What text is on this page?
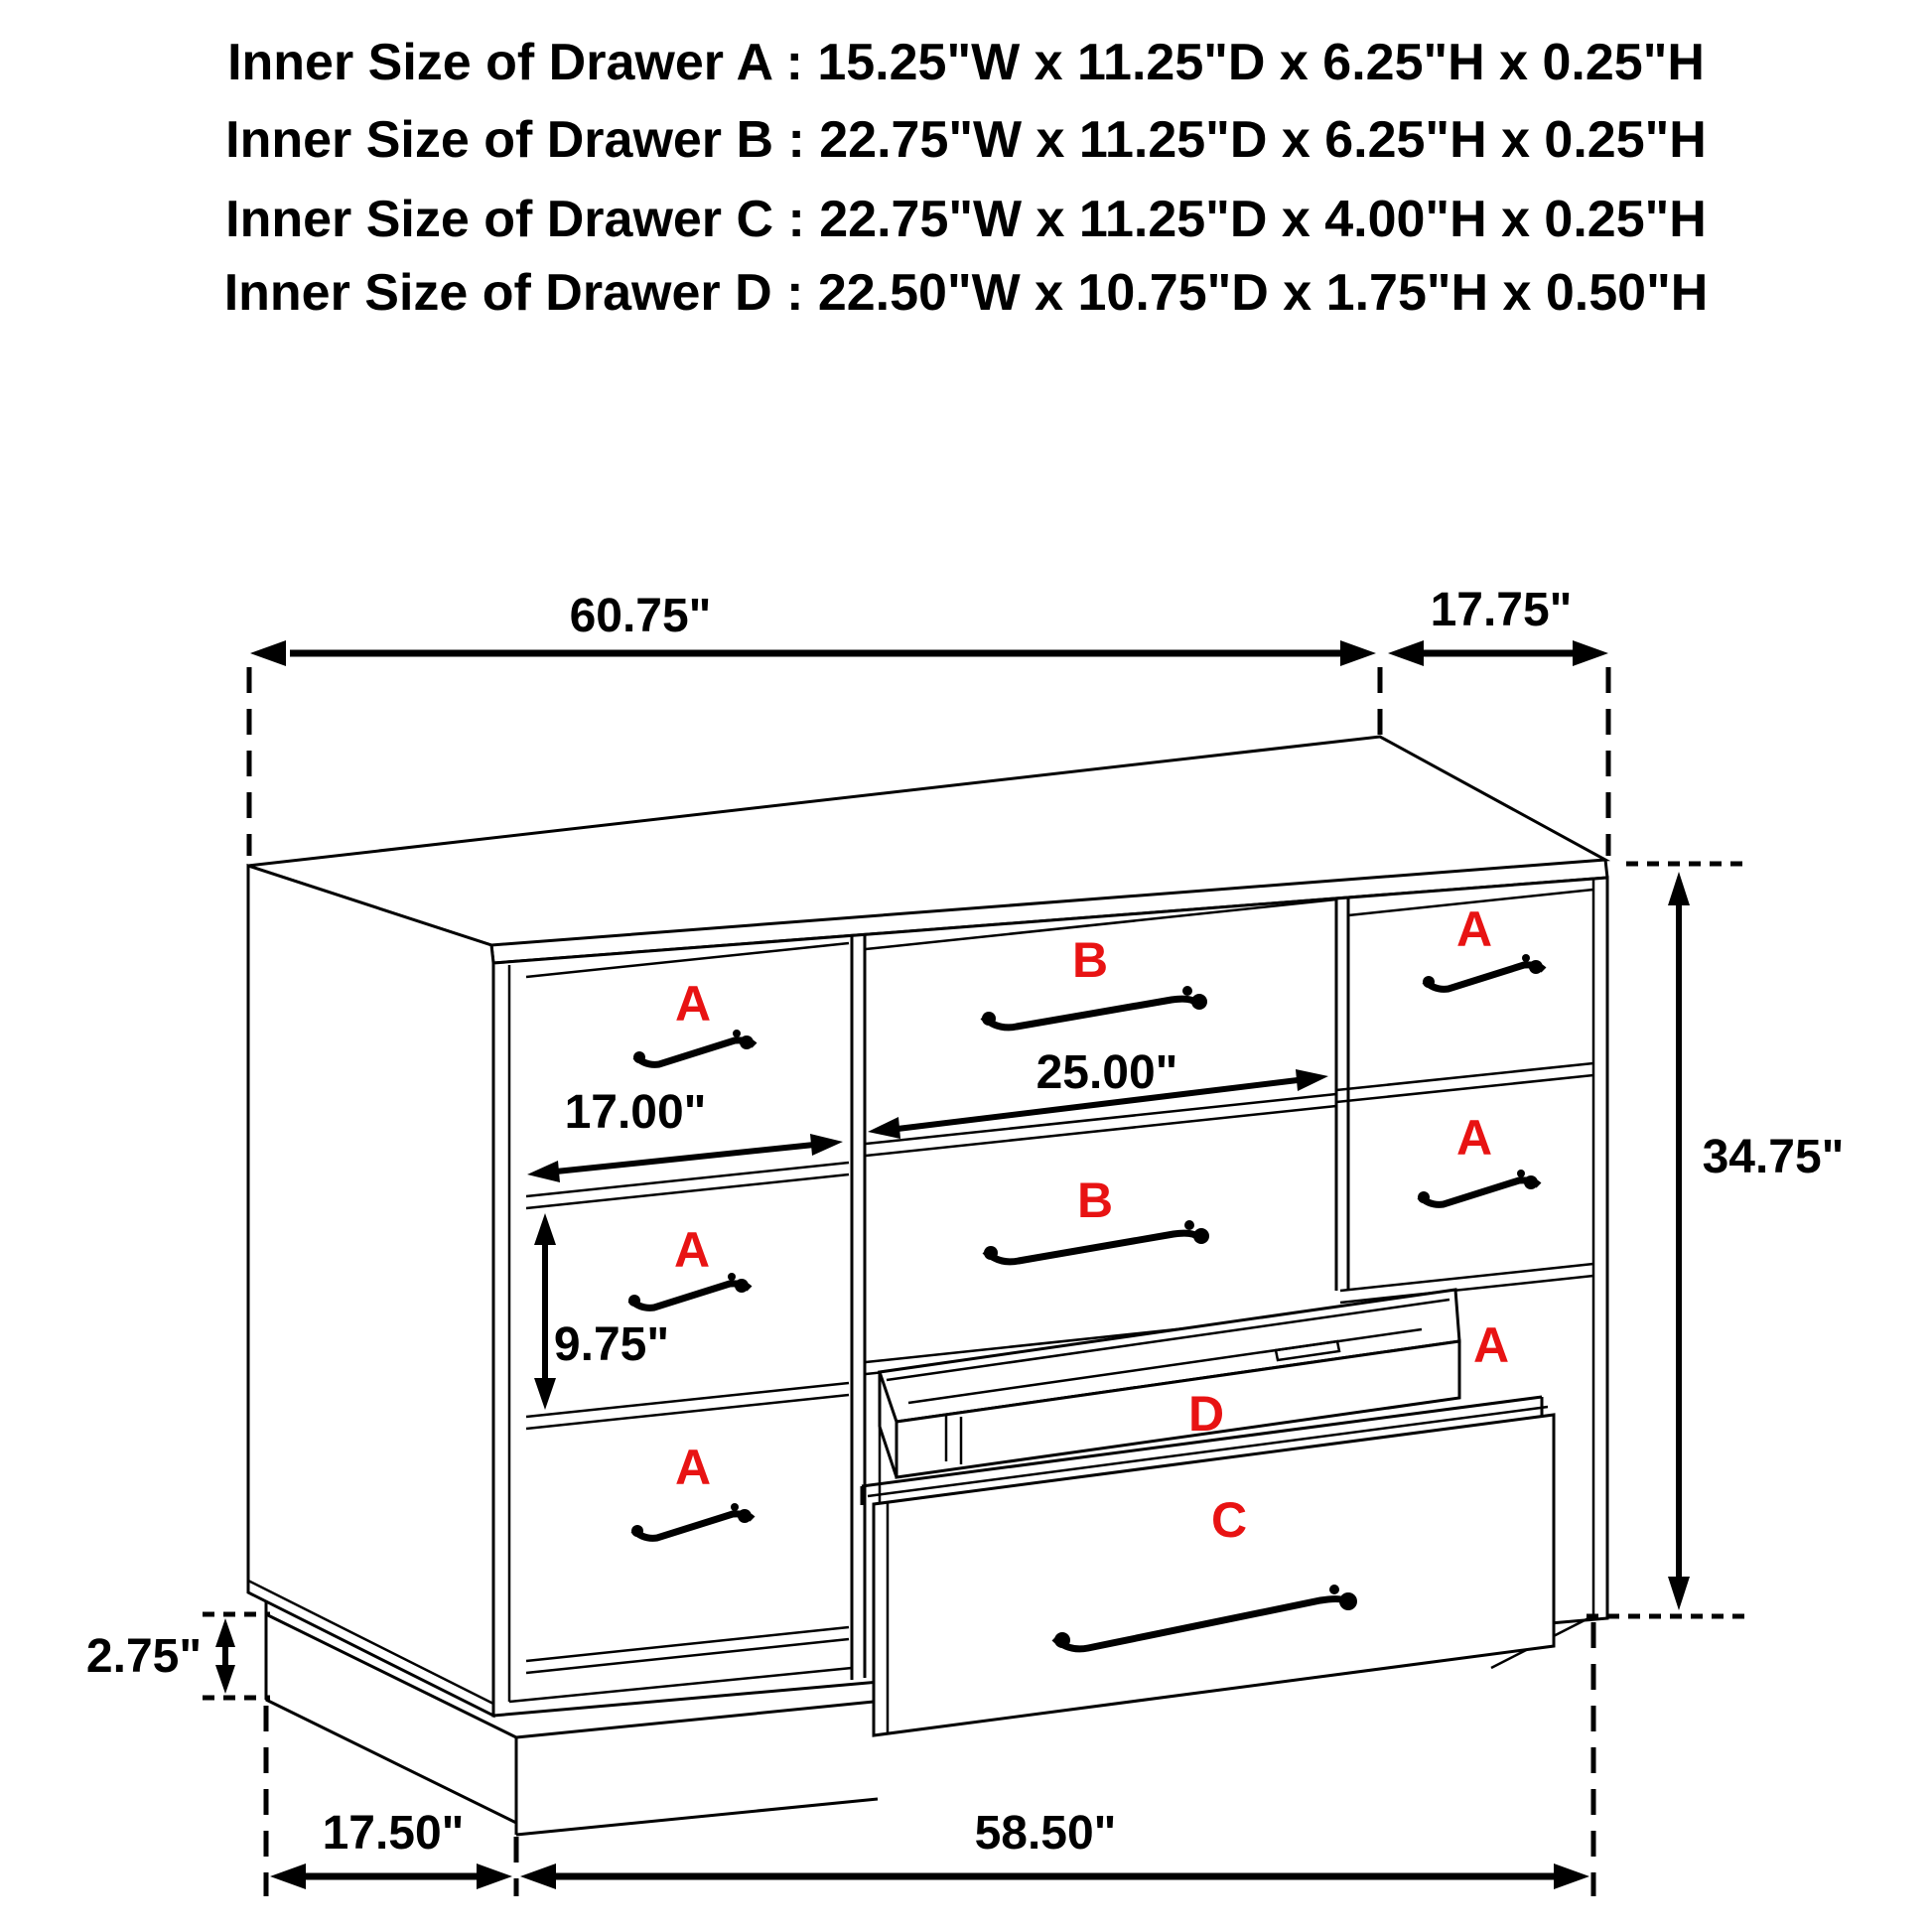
Inner Size of Drawer A : 15.25"W x 11.25"D x 6.25"H x 0.25"H
Inner Size of Drawer B : 22.75"W x 11.25"D x 6.25"H x 0.25"H
Inner Size of Drawer C : 22.75"W x 11.25"D x 4.00"H x 0.25"H
Inner Size of Drawer D : 22.50"W x 10.75"D x 1.75"H x 0.50"H
60.75"	17.75"
A
A
A
B
B
A
A
A
D
C
17.00"
25.00"
9.75"
2.75"
34.75"
17.50"	58.50"
